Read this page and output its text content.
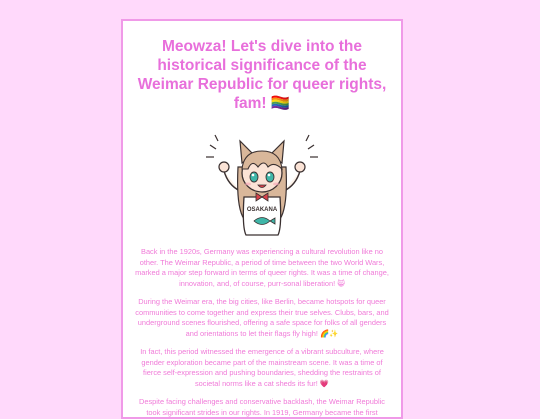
Meowza! Let's dive into the historical significance of the Weimar Republic for queer rights, fam! 🏳️‍🌈
OSAKANA

Back in the 1920s, Germany was experiencing a cultural revolution like no other. The Weimar Republic, a period of time between the two World Wars, marked a major step forward in terms of queer rights. It was a time of change, innovation, and, of course, purr-sonal liberation! 😸

During the Weimar era, the big cities, like Berlin, became hotspots for queer communities to come together and express their true selves. Clubs, bars, and underground scenes flourished, offering a safe space for folks of all genders and orientations to let their flags fly high! 🌈✨

In fact, this period witnessed the emergence of a vibrant subculture, where gender exploration became part of the mainstream scene. It was a time of fierce self-expression and pushing boundaries, shedding the restraints of societal norms like a cat sheds its fur! 💗

Despite facing challenges and conservative backlash, the Weimar Republic took significant strides in our rights. In 1919, Germany became the first
